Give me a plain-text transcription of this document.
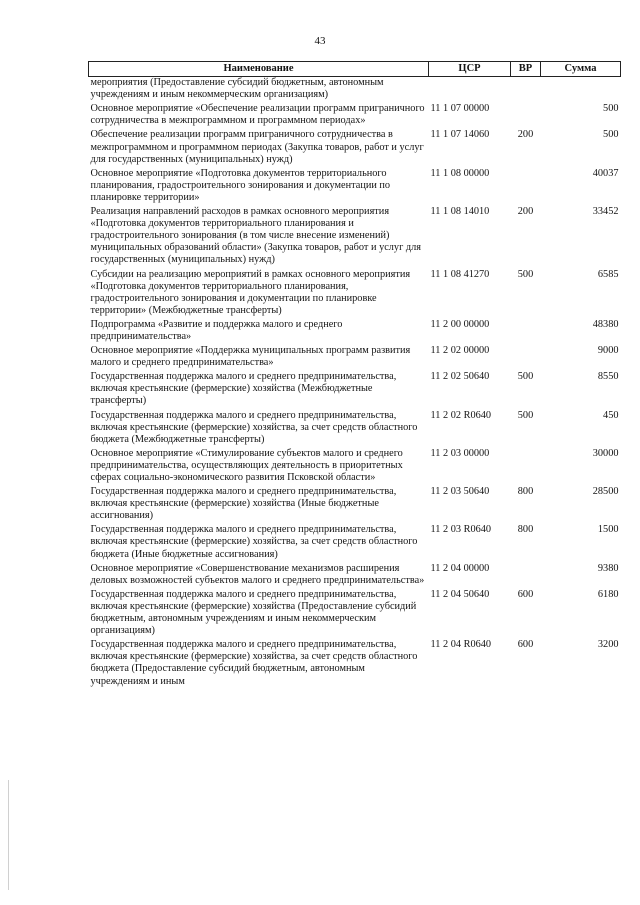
43
Наименование	ЦСР	ВР	Сумма
мероприятия (Предоставление субсидий бюджетным, автономным учреждениям и иным некоммерческим организациям)			
Основное мероприятие «Обеспечение реализации программ приграничного сотрудничества в межпрограммном и программном периодах»	11 1 07 00000		500
Обеспечение реализации программ приграничного сотрудничества в межпрограммном и программном периодах (Закупка товаров, работ и услуг для государственных (муниципальных) нужд)	11 1 07 14060	200	500
Основное мероприятие «Подготовка документов территориального планирования, градостроительного зонирования и документации по планировке территории»	11 1 08 00000		40037
Реализация направлений расходов в рамках основного мероприятия «Подготовка документов территориального планирования и градостроительного зонирования (в том числе внесение изменений) муниципальных образований области» (Закупка товаров, работ и услуг для государственных (муниципальных) нужд)	11 1 08 14010	200	33452
Субсидии на реализацию мероприятий в рамках основного мероприятия «Подготовка документов территориального планирования, градостроительного зонирования и документации по планировке территории» (Межбюджетные трансферты)	11 1 08 41270	500	6585
Подпрограмма «Развитие и поддержка малого и среднего предпринимательства»	11 2 00 00000		48380
Основное мероприятие «Поддержка муниципальных программ развития малого и среднего предпринимательства»	11 2 02 00000		9000
Государственная поддержка малого и среднего предпринимательства, включая крестьянские (фермерские) хозяйства (Межбюджетные трансферты)	11 2 02 50640	500	8550
Государственная поддержка малого и среднего предпринимательства, включая крестьянские (фермерские) хозяйства, за счет средств областного бюджета (Межбюджетные трансферты)	11 2 02 R0640	500	450
Основное мероприятие «Стимулирование субъектов малого и среднего предпринимательства, осуществляющих деятельность в приоритетных сферах социально-экономического развития Псковской области»	11 2 03 00000		30000
Государственная поддержка малого и среднего предпринимательства, включая крестьянские (фермерские) хозяйства (Иные бюджетные ассигнования)	11 2 03 50640	800	28500
Государственная поддержка малого и среднего предпринимательства, включая крестьянские (фермерские) хозяйства, за счет средств областного бюджета (Иные бюджетные ассигнования)	11 2 03 R0640	800	1500
Основное мероприятие «Совершенствование механизмов расширения деловых возможностей субъектов малого и среднего предпринимательства»	11 2 04 00000		9380
Государственная поддержка малого и среднего предпринимательства, включая крестьянские (фермерские) хозяйства (Предоставление субсидий бюджетным, автономным учреждениям и иным некоммерческим организациям)	11 2 04 50640	600	6180
Государственная поддержка малого и среднего предпринимательства, включая крестьянские (фермерские) хозяйства, за счет средств областного бюджета (Предоставление субсидий бюджетным, автономным учреждениям и иным	11 2 04 R0640	600	3200
